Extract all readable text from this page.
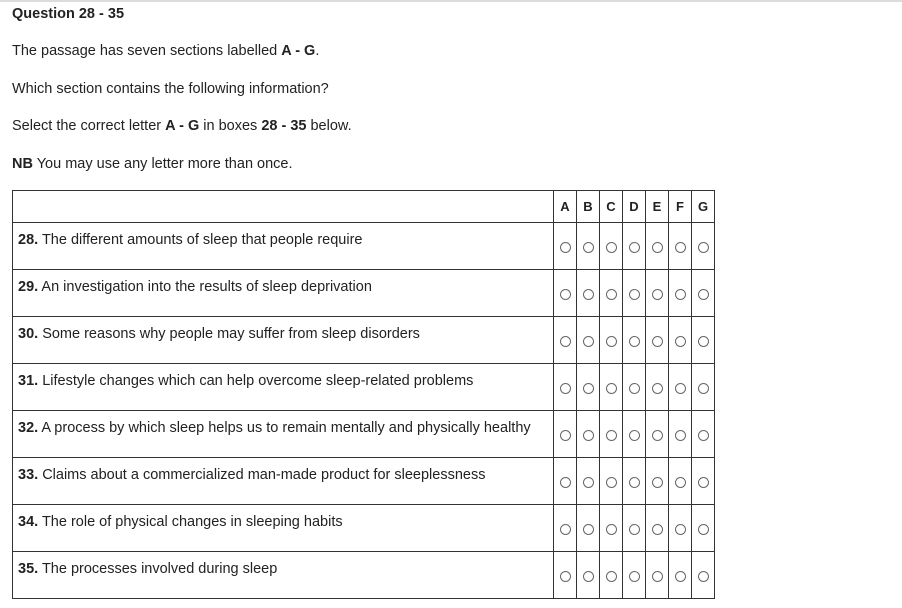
Question 28 - 35
The passage has seven sections labelled A - G.
Which section contains the following information?
Select the correct letter A - G in boxes 28 - 35 below.
NB You may use any letter more than once.
	A	B	C	D	E	F	G
28. The different amounts of sleep that people require							
29. An investigation into the results of sleep deprivation							
30. Some reasons why people may suffer from sleep disorders							
31. Lifestyle changes which can help overcome sleep-related problems							
32. A process by which sleep helps us to remain mentally and physically healthy							
33. Claims about a commercialized man-made product for sleeplessness							
34. The role of physical changes in sleeping habits							
35. The processes involved during sleep							
